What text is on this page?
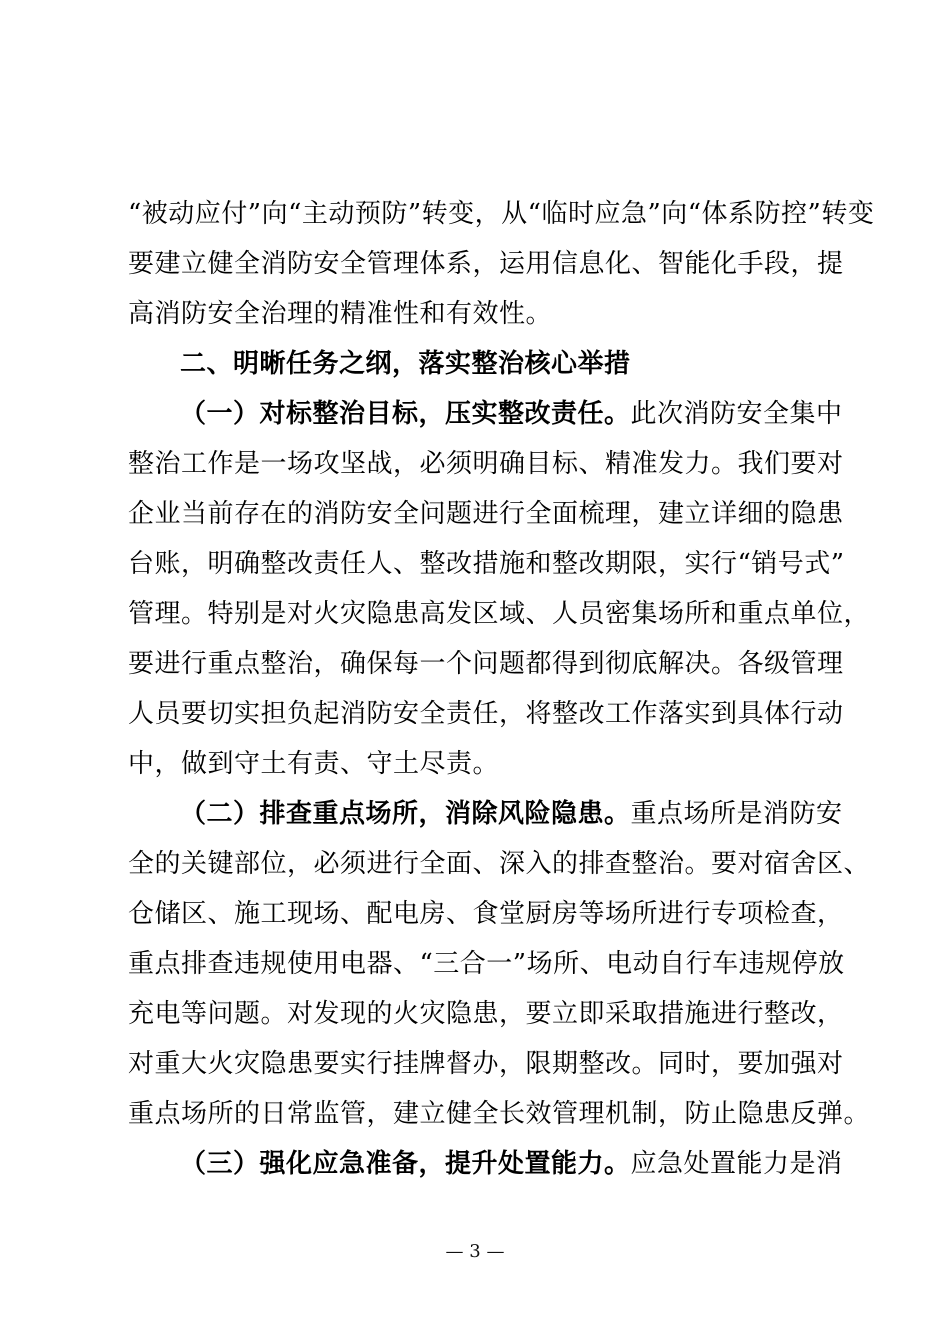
“被动应付”向“主动预防”转变，从“临时应急”向“体系防控”转变
要建立健全消防安全管理体系，运用信息化、智能化手段，提
高消防安全治理的精准性和有效性。
二、明晰任务之纲，落实整治核心举措
（一）对标整治目标，压实整改责任。此次消防安全集中
整治工作是一场攻坚战，必须明确目标、精准发力。我们要对
企业当前存在的消防安全问题进行全面梳理，建立详细的隐患
台账，明确整改责任人、整改措施和整改期限，实行“销号式”
管理。特别是对火灾隐患高发区域、人员密集场所和重点单位，
要进行重点整治，确保每一个问题都得到彻底解决。各级管理
人员要切实担负起消防安全责任，将整改工作落实到具体行动
中，做到守土有责、守土尽责。
（二）排查重点场所，消除风险隐患。重点场所是消防安
全的关键部位，必须进行全面、深入的排查整治。要对宿舍区、
仓储区、施工现场、配电房、食堂厨房等场所进行专项检查，
重点排查违规使用电器、“三合一”场所、电动自行车违规停放
充电等问题。对发现的火灾隐患，要立即采取措施进行整改，
对重大火灾隐患要实行挂牌督办，限期整改。同时，要加强对
重点场所的日常监管，建立健全长效管理机制，防止隐患反弹。
（三）强化应急准备，提升处置能力。应急处置能力是消
— 3 —
